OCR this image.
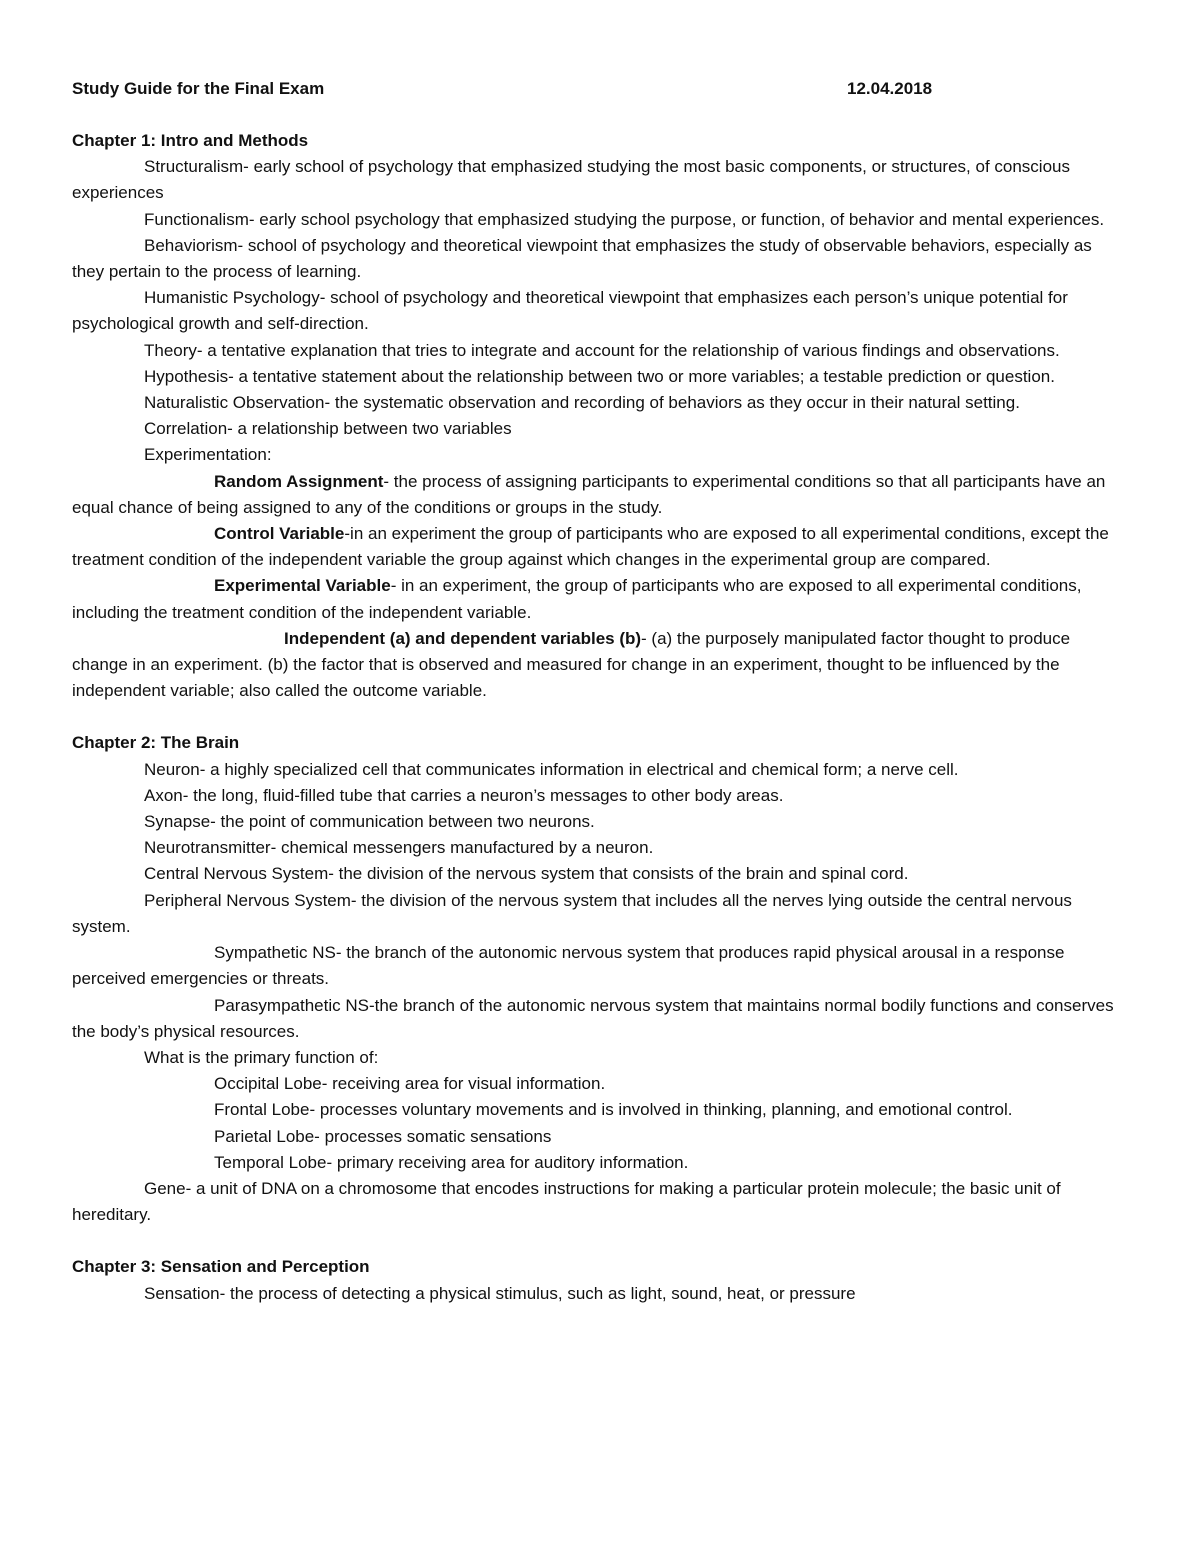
Study Guide for the Final Exam	12.04.2018
Chapter 1: Intro and Methods

Structuralism- early school of psychology that emphasized studying the most basic components, or structures, of conscious experiences

Functionalism- early school psychology that emphasized studying the purpose, or function, of behavior and mental experiences.

Behaviorism- school of psychology and theoretical viewpoint that emphasizes the study of observable behaviors, especially as they pertain to the process of learning.

Humanistic Psychology- school of psychology and theoretical viewpoint that emphasizes each person’s unique potential for psychological growth and self-direction.

Theory- a tentative explanation that tries to integrate and account for the relationship of various findings and observations.

Hypothesis- a tentative statement about the relationship between two or more variables; a testable prediction or question.

Naturalistic Observation- the systematic observation and recording of behaviors as they occur in their natural setting.

Correlation- a relationship between two variables

Experimentation:

Random Assignment- the process of assigning participants to experimental conditions so that all participants have an equal chance of being assigned to any of the conditions or groups in the study.

Control Variable-in an experiment the group of participants who are exposed to all experimental conditions, except the treatment condition of the independent variable the group against which changes in the experimental group are compared.

Experimental Variable- in an experiment, the group of participants who are exposed to all experimental conditions, including the treatment condition of the independent variable.

Independent (a) and dependent variables (b)- (a) the purposely manipulated factor thought to produce change in an experiment. (b) the factor that is observed and measured for change in an experiment, thought to be influenced by the independent variable; also called the outcome variable.

Chapter 2: The Brain

Neuron- a highly specialized cell that communicates information in electrical and chemical form; a nerve cell.

Axon- the long, fluid-filled tube that carries a neuron’s messages to other body areas.

Synapse- the point of communication between two neurons.

Neurotransmitter- chemical messengers manufactured by a neuron.

Central Nervous System- the division of the nervous system that consists of the brain and spinal cord.

Peripheral Nervous System- the division of the nervous system that includes all the nerves lying outside the central nervous system.

Sympathetic NS- the branch of the autonomic nervous system that produces rapid physical arousal in a response perceived emergencies or threats.

Parasympathetic NS-the branch of the autonomic nervous system that maintains normal bodily functions and conserves the body’s physical resources.

What is the primary function of:

Occipital Lobe- receiving area for visual information.

Frontal Lobe- processes voluntary movements and is involved in thinking, planning, and emotional control.

Parietal Lobe- processes somatic sensations

Temporal Lobe- primary receiving area for auditory information.

Gene- a unit of DNA on a chromosome that encodes instructions for making a particular protein molecule; the basic unit of hereditary.

Chapter 3: Sensation and Perception

Sensation- the process of detecting a physical stimulus, such as light, sound, heat, or pressure
